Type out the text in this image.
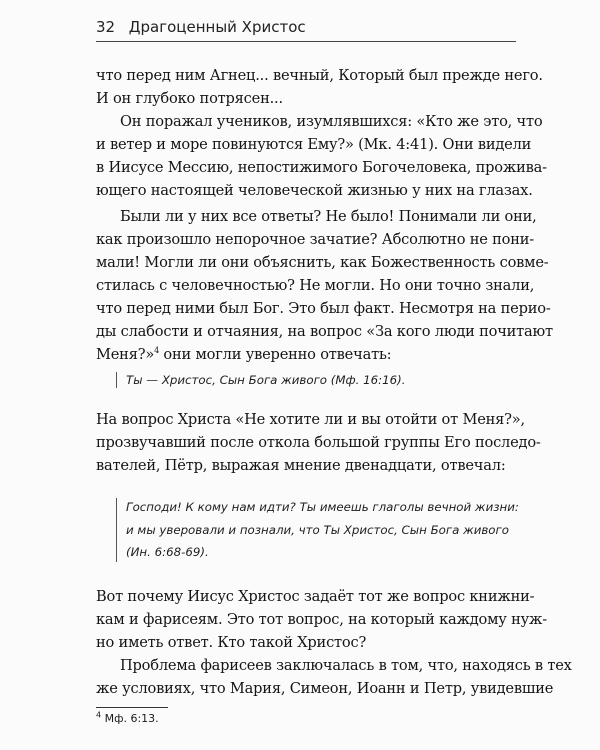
32 Драгоценный Христос
что перед ним Агнец... вечный, Который был прежде него.
И он глубоко потрясен...
Он поражал учеников, изумлявшихся: «Кто же это, что
и ветер и море повинуются Ему?» (Мк. 4:41). Они видели
в Иисусе Мессию, непостижимого Богочеловека, прожива-
ющего настоящей человеческой жизнью у них на глазах.
Были ли у них все ответы? Не было! Понимали ли они,
как произошло непорочное зачатие? Абсолютно не пони-
мали! Могли ли они объяснить, как Божественность совме-
стилась с человечностью? Не могли. Но они точно знали,
что перед ними был Бог. Это был факт. Несмотря на перио-
ды слабости и отчаяния, на вопрос «За кого люди почитают
Меня?»$^4$ они могли уверенно отвечать:
Ты — Христос, Сын Бога живого (Мф. 16:16).
На вопрос Христа «Не хотите ли и вы отойти от Меня?»,
прозвучавший после откола большой группы Его последо-
вателей, Пётр, выражая мнение двенадцати, отвечал:
Господи! К кому нам идти? Ты имеешь глаголы вечной жизни:
и мы уверовали и познали, что Ты Христос, Сын Бога живого
(Ин. 6:68-69).
Вот почему Иисус Христос задаёт тот же вопрос книжни-
кам и фарисеям. Это тот вопрос, на который каждому нуж-
но иметь ответ. Кто такой Христос?
Проблема фарисеев заключалась в том, что, находясь в тех
же условиях, что Мария, Симеон, Иоанн и Петр, увидевшие
$^4$ Мф. 6:13.
